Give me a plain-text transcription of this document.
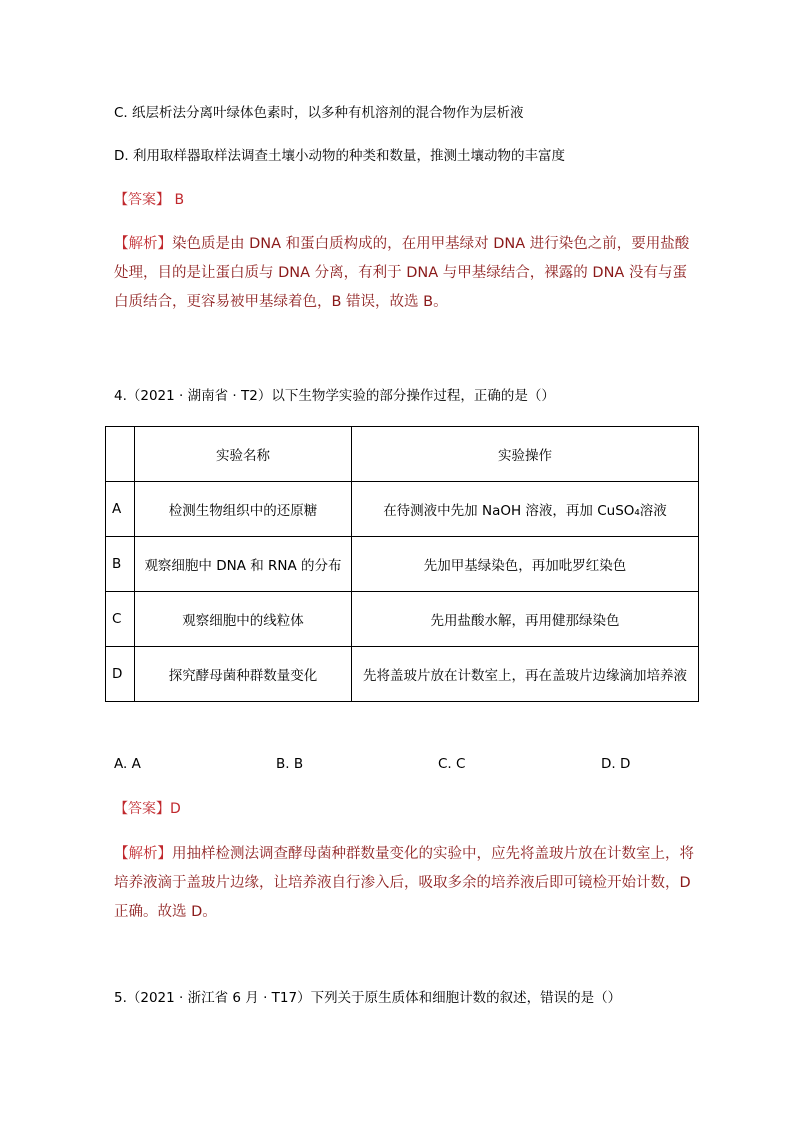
C. 纸层析法分离叶绿体色素时，以多种有机溶剂的混合物作为层析液
D. 利用取样器取样法调查土壤小动物的种类和数量，推测土壤动物的丰富度
【答案】 B
【解析】染色质是由 DNA 和蛋白质构成的，在用甲基绿对 DNA 进行染色之前，要用盐酸处理，目的是让蛋白质与 DNA 分离，有利于 DNA 与甲基绿结合，裸露的 DNA 没有与蛋白质结合，更容易被甲基绿着色，B 错误，故选 B。
4.（2021 · 湖南省 · T2）以下生物学实验的部分操作过程，正确的是（）
	实验名称	实验操作
A	检测生物组织中的还原糖	在待测液中先加 NaOH 溶液，再加 CuSO₄溶液
B	观察细胞中 DNA 和 RNA 的分布	先加甲基绿染色，再加吡罗红染色
C	观察细胞中的线粒体	先用盐酸水解，再用健那绿染色
D	探究酵母菌种群数量变化	先将盖玻片放在计数室上，再在盖玻片边缘滴加培养液
A. A	B. B	C. C	D. D
【答案】D
【解析】用抽样检测法调查酵母菌种群数量变化的实验中，应先将盖玻片放在计数室上，将培养液滴于盖玻片边缘，让培养液自行渗入后，吸取多余的培养液后即可镜检开始计数，D 正确。故选 D。
5.（2021 · 浙江省 6 月 · T17）下列关于原生质体和细胞计数的叙述，错误的是（）
